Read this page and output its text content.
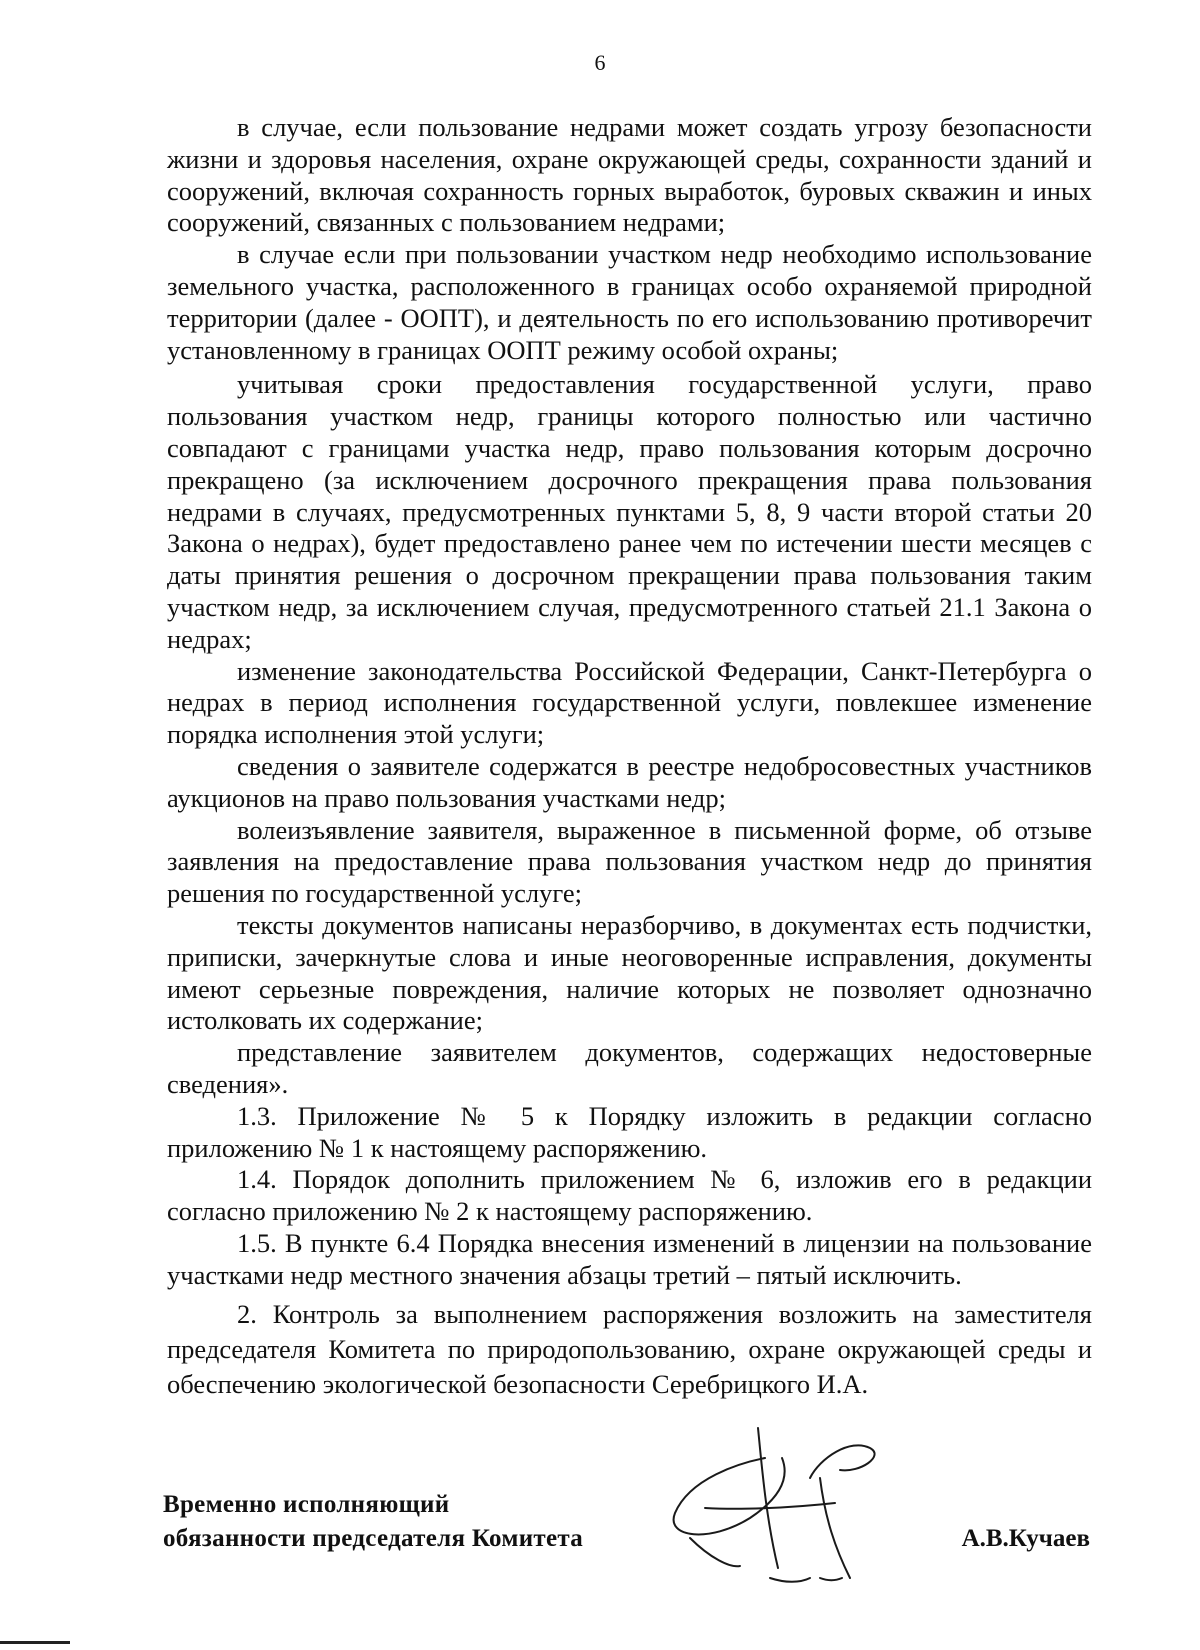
6

в случае, если пользование недрами может создать угрозу безопасности жизни и здоровья населения, охране окружающей среды, сохранности зданий и сооружений, включая сохранность горных выработок, буровых скважин и иных сооружений, связанных с пользованием недрами;

в случае если при пользовании участком недр необходимо использование земельного участка, расположенного в границах особо охраняемой природной территории (далее - ООПТ), и деятельность по его использованию противоречит установленному в границах ООПТ режиму особой охраны;

учитывая сроки предоставления государственной услуги, право пользования участком недр, границы которого полностью или частично совпадают с границами участка недр, право пользования которым досрочно прекращено (за исключением досрочного прекращения права пользования недрами в случаях, предусмотренных пунктами 5, 8, 9 части второй статьи 20 Закона о недрах), будет предоставлено ранее чем по истечении шести месяцев с даты принятия решения о досрочном прекращении права пользования таким участком недр, за исключением случая, предусмотренного статьей 21.1 Закона о недрах;

изменение законодательства Российской Федерации, Санкт-Петербурга о недрах в период исполнения государственной услуги, повлекшее изменение порядка исполнения этой услуги;

сведения о заявителе содержатся в реестре недобросовестных участников аукционов на право пользования участками недр;

волеизъявление заявителя, выраженное в письменной форме, об отзыве заявления на предоставление права пользования участком недр до принятия решения по государственной услуге;

тексты документов написаны неразборчиво, в документах есть подчистки, приписки, зачеркнутые слова и иные неоговоренные исправления, документы имеют серьезные повреждения, наличие которых не позволяет однозначно истолковать их содержание;

представление заявителем документов, содержащих недостоверные сведения».

1.3. Приложение № 5 к Порядку изложить в редакции согласно приложению № 1 к настоящему распоряжению.

1.4. Порядок дополнить приложением № 6, изложив его в редакции согласно приложению № 2 к настоящему распоряжению.

1.5. В пункте 6.4 Порядка внесения изменений в лицензии на пользование участками недр местного значения абзацы третий – пятый исключить.

2. Контроль за выполнением распоряжения возложить на заместителя председателя Комитета по природопользованию, охране окружающей среды и обеспечению экологической безопасности Серебрицкого И.А.

Временно исполняющий
обязанности председателя Комитета	А.В.Кучаев
